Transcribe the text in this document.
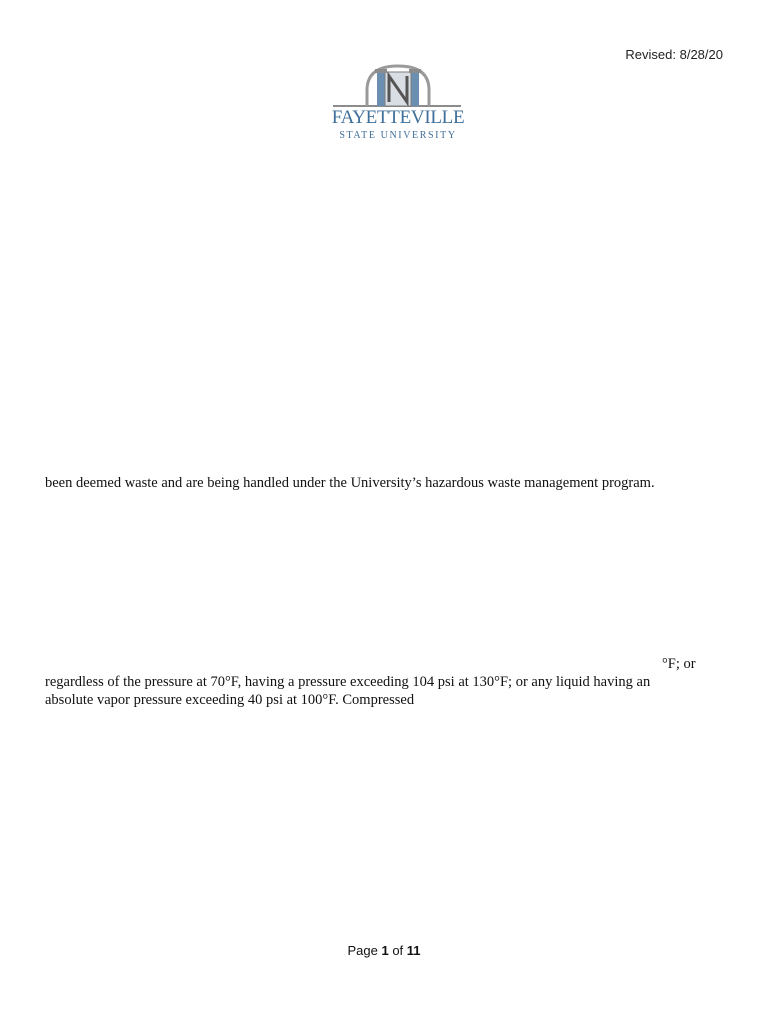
Revised: 8/28/20
FAYETTEVILLE
STATE UNIVERSITY
been deemed waste and are being handled under the University’s hazardous waste management program.
°F; or
regardless of the pressure at 70°F, having a pressure exceeding 104 psi at 130°F; or any liquid having an
absolute vapor pressure exceeding 40 psi at 100°F. Compressed
Page 1 of 11
